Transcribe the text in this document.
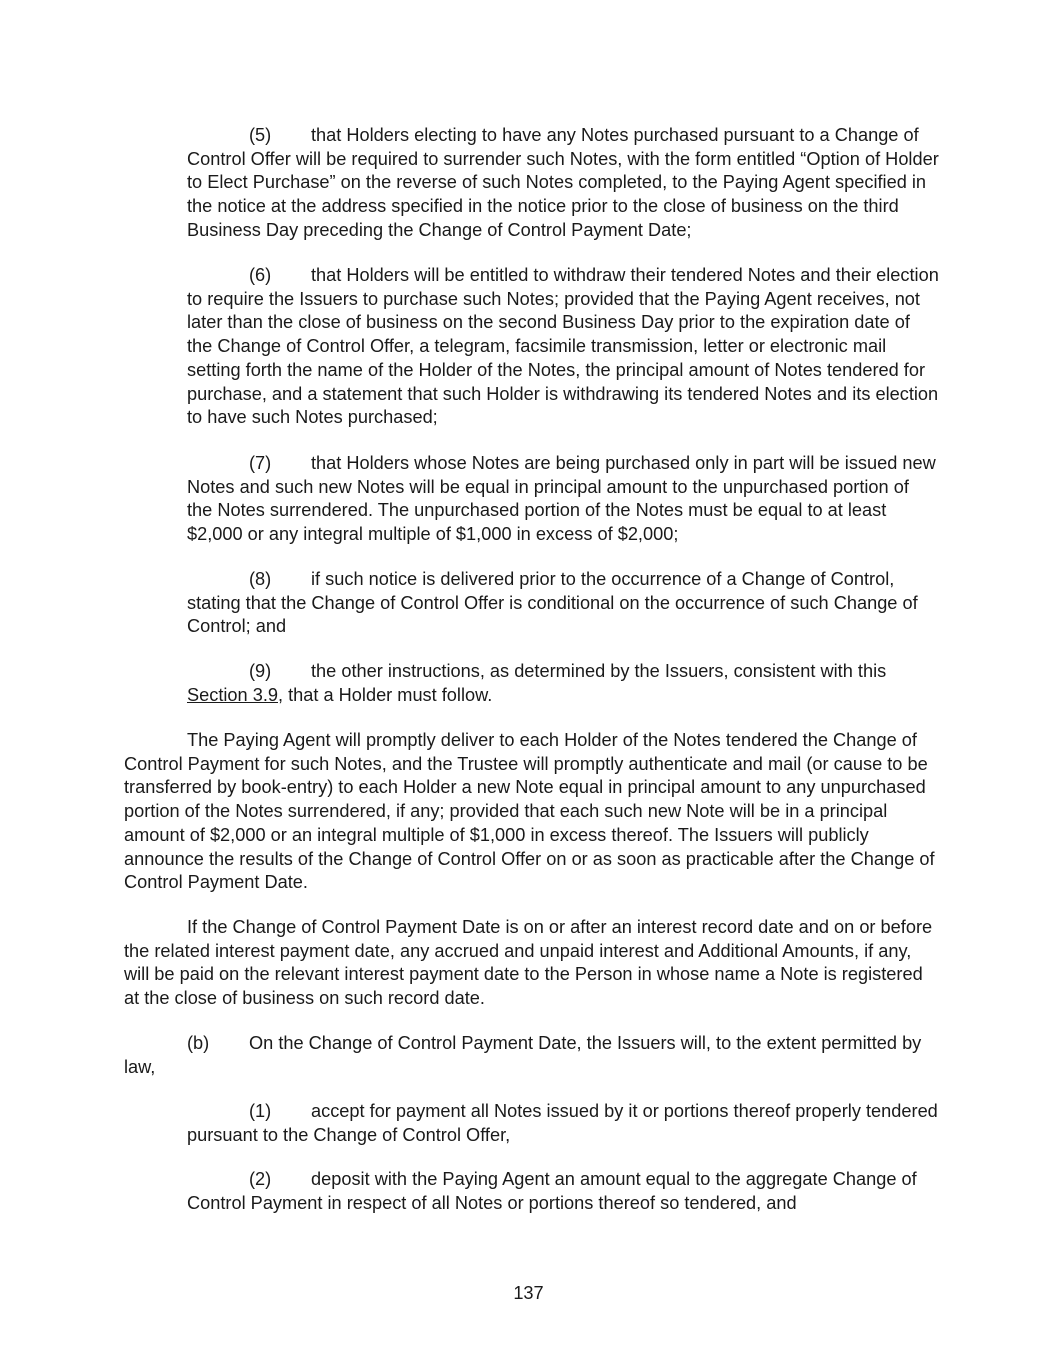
(5) that Holders electing to have any Notes purchased pursuant to a Change of Control Offer will be required to surrender such Notes, with the form entitled “Option of Holder to Elect Purchase” on the reverse of such Notes completed, to the Paying Agent specified in the notice at the address specified in the notice prior to the close of business on the third Business Day preceding the Change of Control Payment Date;

(6) that Holders will be entitled to withdraw their tendered Notes and their election to require the Issuers to purchase such Notes; provided that the Paying Agent receives, not later than the close of business on the second Business Day prior to the expiration date of the Change of Control Offer, a telegram, facsimile transmission, letter or electronic mail setting forth the name of the Holder of the Notes, the principal amount of Notes tendered for purchase, and a statement that such Holder is withdrawing its tendered Notes and its election to have such Notes purchased;

(7) that Holders whose Notes are being purchased only in part will be issued new Notes and such new Notes will be equal in principal amount to the unpurchased portion of the Notes surrendered. The unpurchased portion of the Notes must be equal to at least $2,000 or any integral multiple of $1,000 in excess of $2,000;

(8) if such notice is delivered prior to the occurrence of a Change of Control, stating that the Change of Control Offer is conditional on the occurrence of such Change of Control; and

(9) the other instructions, as determined by the Issuers, consistent with this
Section 3.9, that a Holder must follow.

The Paying Agent will promptly deliver to each Holder of the Notes tendered the Change of Control Payment for such Notes, and the Trustee will promptly authenticate and mail (or cause to be transferred by book-entry) to each Holder a new Note equal in principal amount to any unpurchased portion of the Notes surrendered, if any; provided that each such new Note will be in a principal amount of $2,000 or an integral multiple of $1,000 in excess thereof. The Issuers will publicly announce the results of the Change of Control Offer on or as soon as practicable after the Change of Control Payment Date.

If the Change of Control Payment Date is on or after an interest record date and on or before the related interest payment date, any accrued and unpaid interest and Additional Amounts, if any, will be paid on the relevant interest payment date to the Person in whose name a Note is registered at the close of business on such record date.

(b) On the Change of Control Payment Date, the Issuers will, to the extent permitted by law,

(1) accept for payment all Notes issued by it or portions thereof properly tendered pursuant to the Change of Control Offer,

(2) deposit with the Paying Agent an amount equal to the aggregate Change of Control Payment in respect of all Notes or portions thereof so tendered, and

137
